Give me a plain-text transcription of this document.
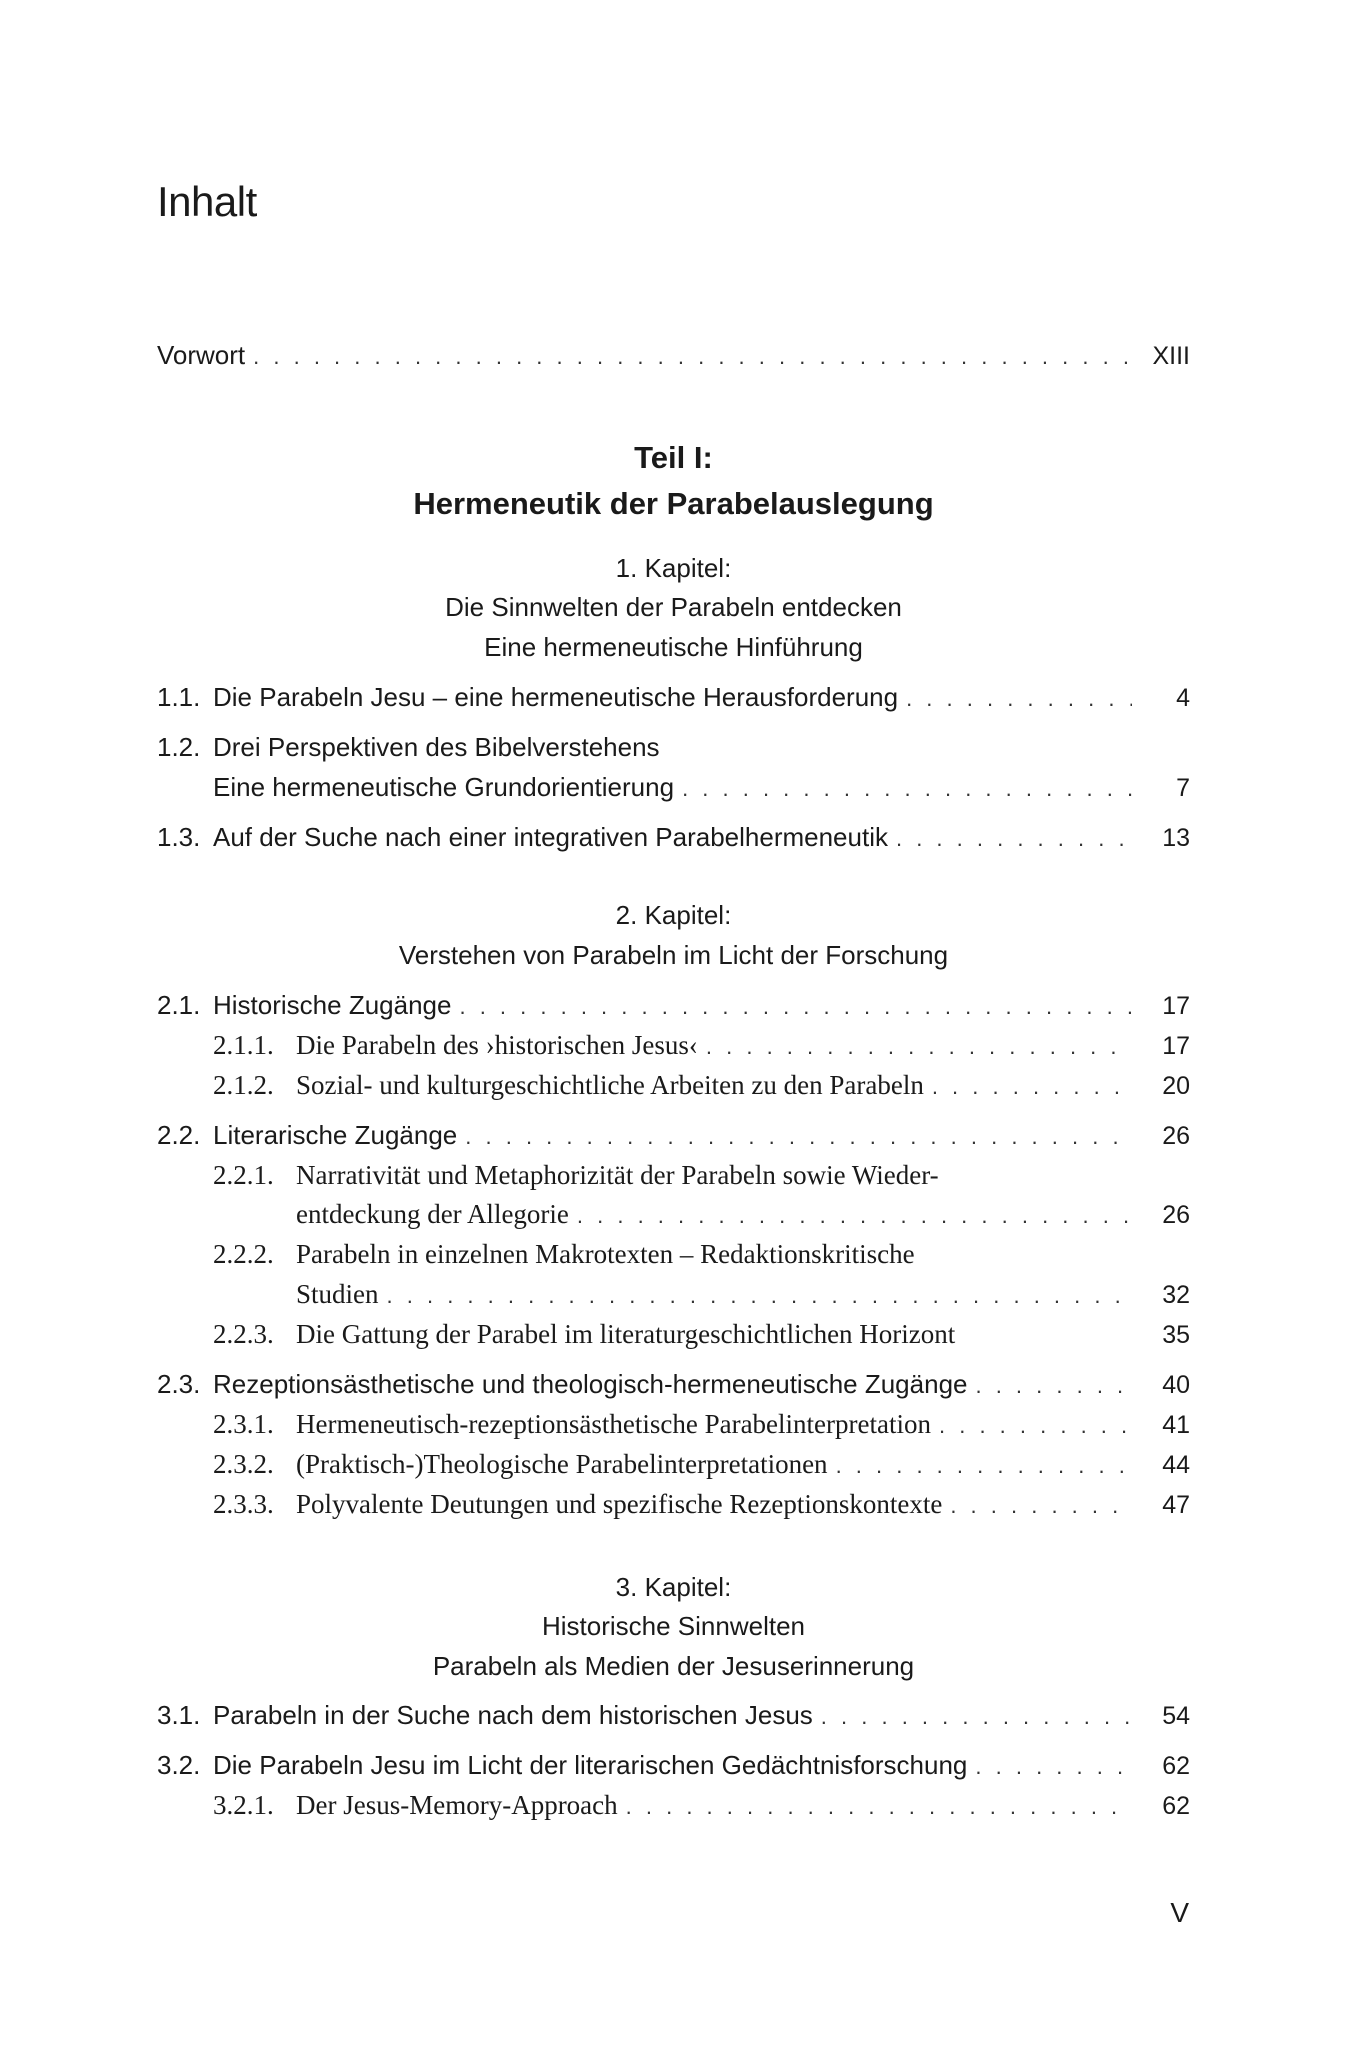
Inhalt
Vorwort . . .	XIII
Teil I:
Hermeneutik der Parabelauslegung
1. Kapitel:
Die Sinnwelten der Parabeln entdecken
Eine hermeneutische Hinführung
1.1. Die Parabeln Jesu – eine hermeneutische Herausforderung . . .	4
1.2. Drei Perspektiven des Bibelverstehens
Eine hermeneutische Grundorientierung . . .	7
1.3. Auf der Suche nach einer integrativen Parabelhermeneutik . . .	13
2. Kapitel:
Verstehen von Parabeln im Licht der Forschung
2.1. Historische Zugänge . . .	17
2.1.1. Die Parabeln des ›historischen Jesus‹ . . .	17
2.1.2. Sozial- und kulturgeschichtliche Arbeiten zu den Parabeln . . .	20
2.2. Literarische Zugänge . . .	26
2.2.1. Narrativität und Metaphorizität der Parabeln sowie Wieder-
entdeckung der Allegorie . . .	26
2.2.2. Parabeln in einzelnen Makrotexten – Redaktionskritische
Studien . . .	32
2.2.3. Die Gattung der Parabel im literaturgeschichtlichen Horizont	35
2.3. Rezeptionsästhetische und theologisch-hermeneutische Zugänge . . .	40
2.3.1. Hermeneutisch-rezeptionsästhetische Parabelinterpretation . . .	41
2.3.2. (Praktisch-)Theologische Parabelinterpretationen . . .	44
2.3.3. Polyvalente Deutungen und spezifische Rezeptionskontexte . . .	47
3. Kapitel:
Historische Sinnwelten
Parabeln als Medien der Jesuserinnerung
3.1. Parabeln in der Suche nach dem historischen Jesus . . .	54
3.2. Die Parabeln Jesu im Licht der literarischen Gedächtnisforschung . . .	62
3.2.1. Der Jesus-Memory-Approach . . .	62
V
